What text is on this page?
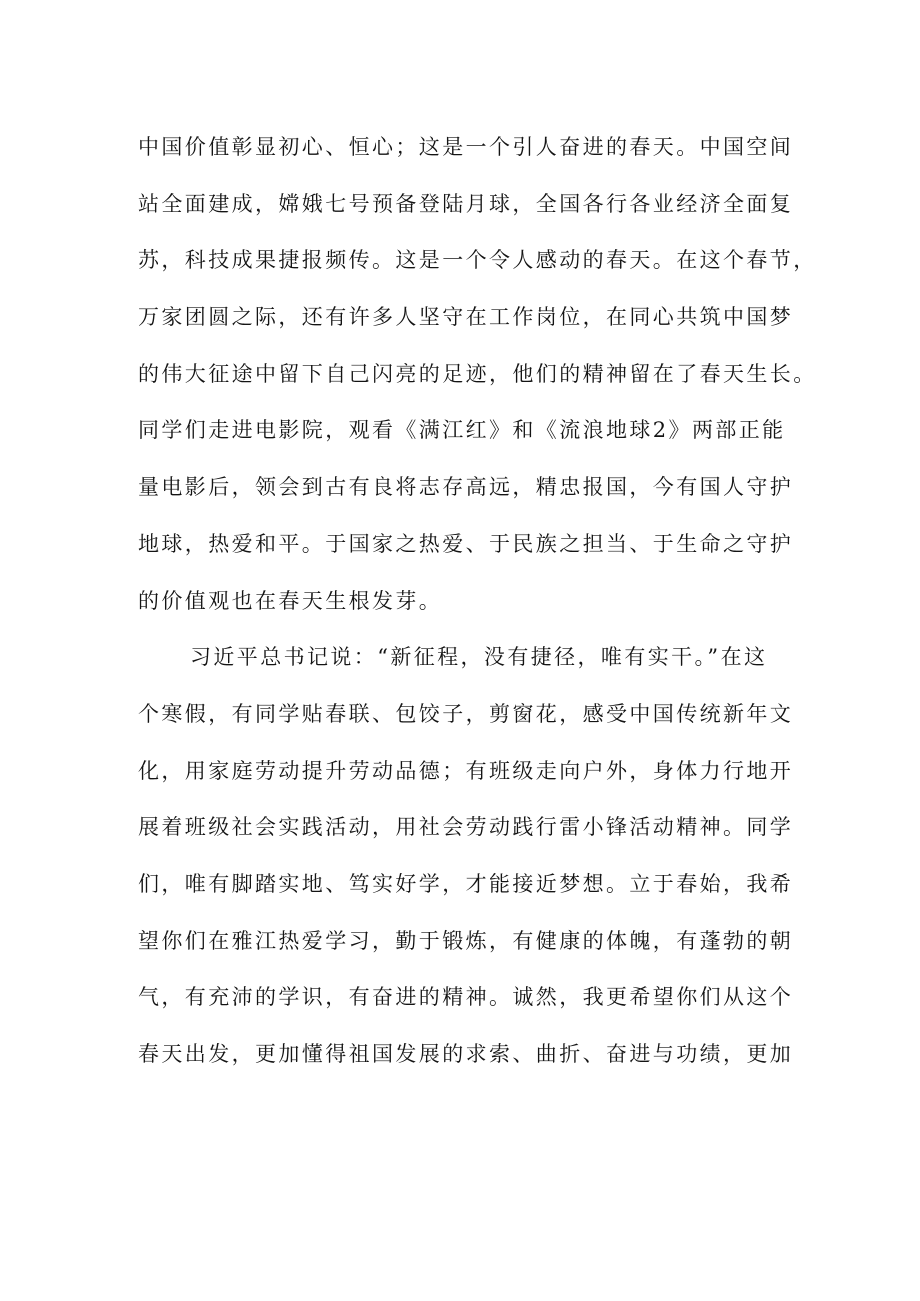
中国价值彰显初心、恒心；这是一个引人奋进的春天。中国空间
站全面建成，嫦娥七号预备登陆月球，全国各行各业经济全面复
苏，科技成果捷报频传。这是一个令人感动的春天。在这个春节，
万家团圆之际，还有许多人坚守在工作岗位，在同心共筑中国梦
的伟大征途中留下自己闪亮的足迹，他们的精神留在了春天生长。
同学们走进电影院，观看《满江红》和《流浪地球2》两部正能
量电影后，领会到古有良将志存高远，精忠报国，今有国人守护
地球，热爱和平。于国家之热爱、于民族之担当、于生命之守护
的价值观也在春天生根发芽。
习近平总书记说：“新征程，没有捷径，唯有实干。”在这
个寒假，有同学贴春联、包饺子，剪窗花，感受中国传统新年文
化，用家庭劳动提升劳动品德；有班级走向户外，身体力行地开
展着班级社会实践活动，用社会劳动践行雷小锋活动精神。同学
们，唯有脚踏实地、笃实好学，才能接近梦想。立于春始，我希
望你们在雅江热爱学习，勤于锻炼，有健康的体魄，有蓬勃的朝
气，有充沛的学识，有奋进的精神。诚然，我更希望你们从这个
春天出发，更加懂得祖国发展的求索、曲折、奋进与功绩，更加
